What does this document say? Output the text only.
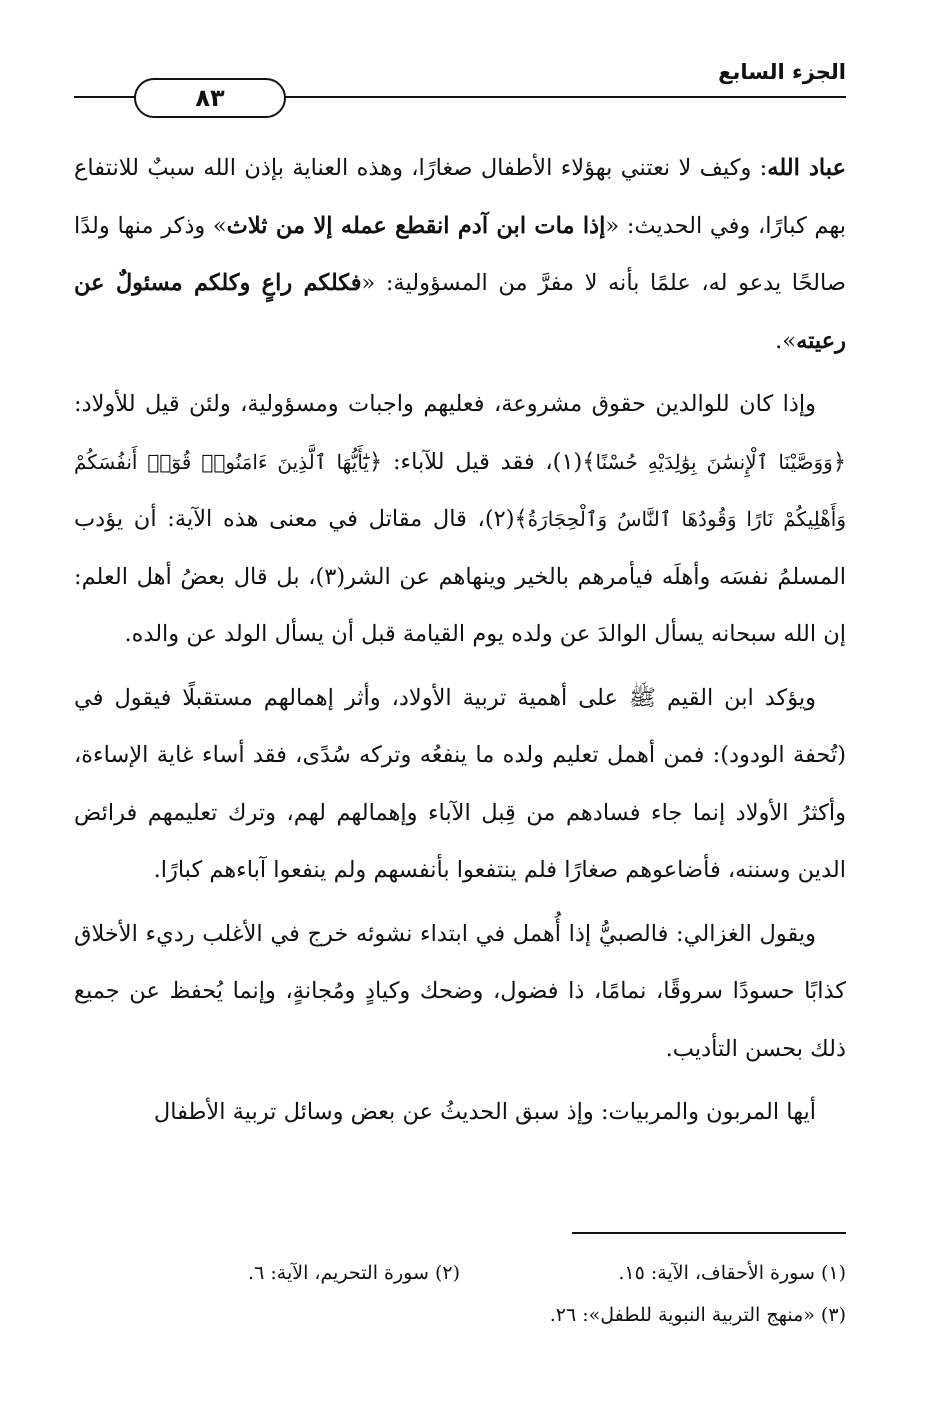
الجزء السابع
٨٣

عباد الله: وكيف لا نعتني بهؤلاء الأطفال صغارًا، وهذه العناية بإذن الله سببٌ للانتفاع بهم كبارًا، وفي الحديث: «إذا مات ابن آدم انقطع عمله إلا من ثلاث» وذكر منها ولدًا صالحًا يدعو له، علمًا بأنه لا مفرَّ من المسؤولية: «فكلكم راعٍ وكلكم مسئولٌ عن رعيته».

وإذا كان للوالدين حقوق مشروعة، فعليهم واجبات ومسؤولية، ولئن قيل للأولاد: ﴿وَوَصَّيْنَا ٱلْإِنسَٰنَ بِوَٰلِدَيْهِ حُسْنًا﴾(١)، فقد قيل للآباء: ﴿يَٰٓأَيُّهَا ٱلَّذِينَ ءَامَنُوا۟ قُوٓا۟ أَنفُسَكُمْ وَأَهْلِيكُمْ نَارًا وَقُودُهَا ٱلنَّاسُ وَٱلْحِجَارَةُ﴾(٢)، قال مقاتل في معنى هذه الآية: أن يؤدب المسلمُ نفسَه وأهلَه فيأمرهم بالخير وينهاهم عن الشر(٣)، بل قال بعضُ أهل العلم: إن الله سبحانه يسأل الوالدَ عن ولده يوم القيامة قبل أن يسأل الولد عن والده.

ويؤكد ابن القيم ﷺ على أهمية تربية الأولاد، وأثر إهمالهم مستقبلًا فيقول في (تُحفة الودود): فمن أهمل تعليم ولده ما ينفعُه وتركه سُدًى، فقد أساء غاية الإساءة، وأكثرُ الأولاد إنما جاء فسادهم من قِبل الآباء وإهمالهم لهم، وترك تعليمهم فرائض الدين وسننه، فأضاعوهم صغارًا فلم ينتفعوا بأنفسهم ولم ينفعوا آباءهم كبارًا.

ويقول الغزالي: فالصبيُّ إذا أُهمل في ابتداء نشوئه خرج في الأغلب رديء الأخلاق كذابًا حسودًا سروقًا، نمامًا، ذا فضول، وضحك وكيادٍ ومُجانةٍ، وإنما يُحفظ عن جميع ذلك بحسن التأديب.

أيها المربون والمربيات: وإذ سبق الحديثُ عن بعض وسائل تربية الأطفال

(١) سورة الأحقاف، الآية: ١٥.
(٢) سورة التحريم، الآية: ٦.
(٣) «منهج التربية النبوية للطفل»: ٢٦.
